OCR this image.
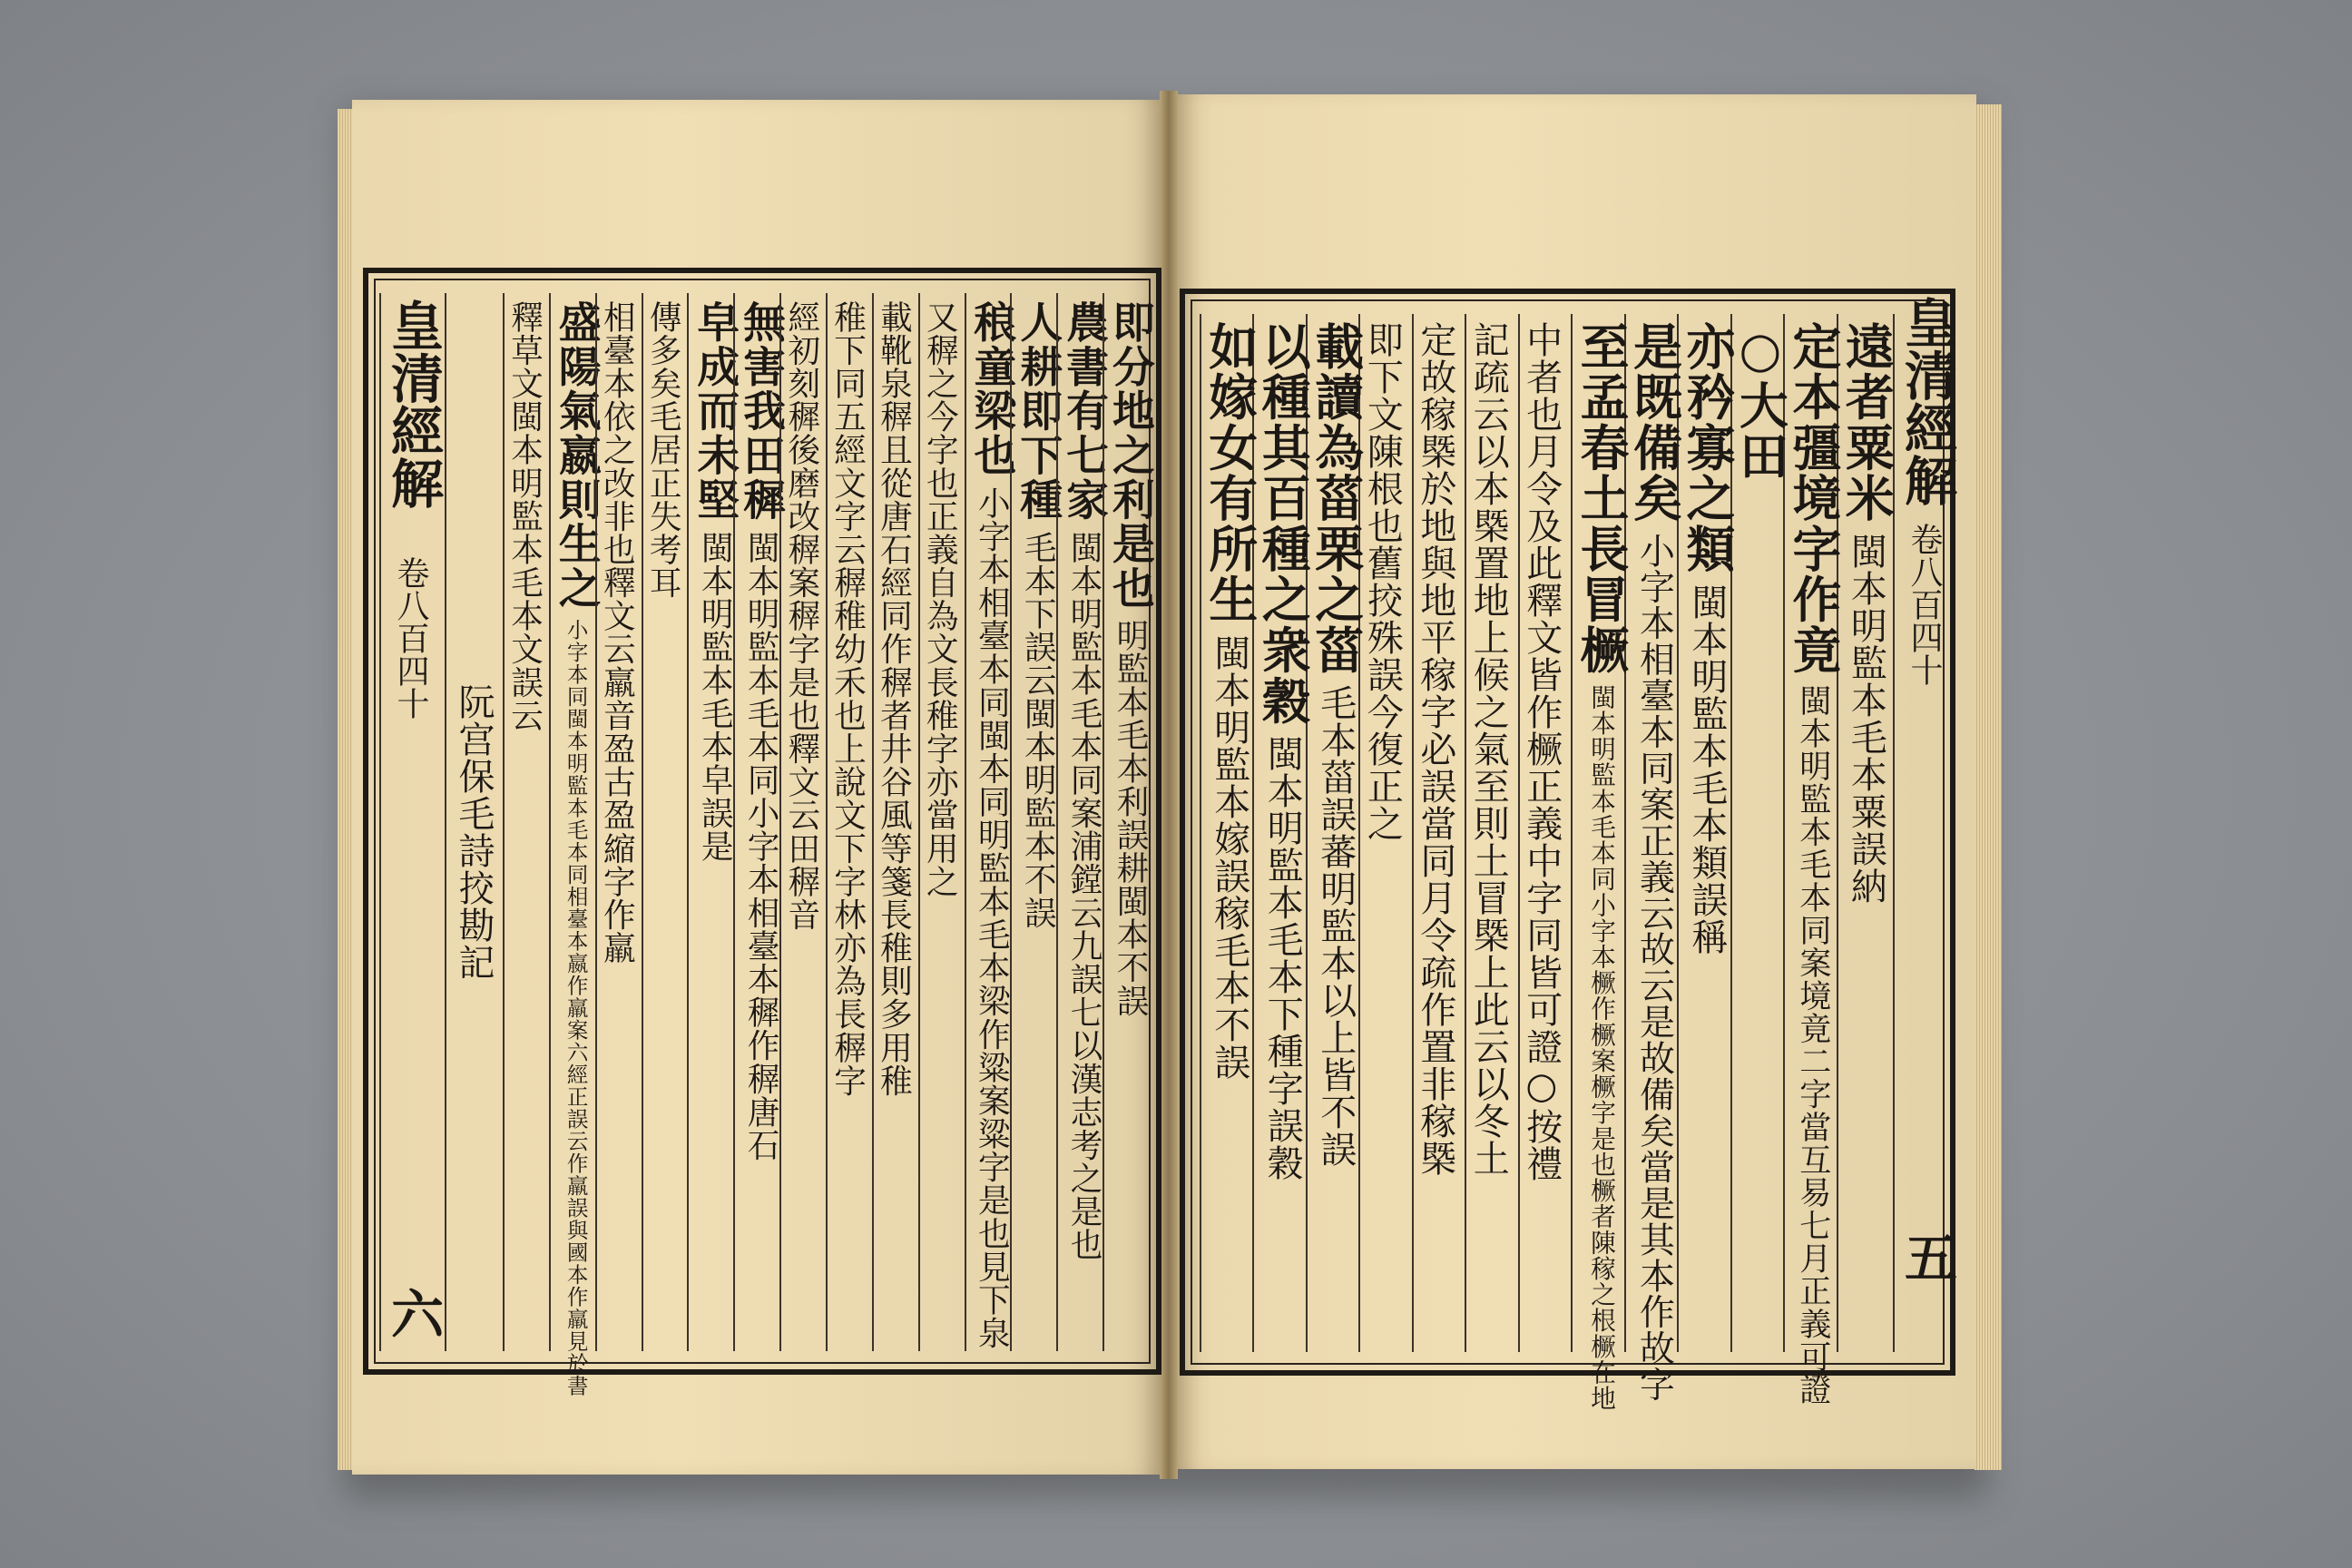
皇清經解
卷八百四十
六
阮宫保毛詩挍勘記
釋草文閩本明監本毛本文誤云 盛陽氣嬴則生之小字本同閩本明監本毛本同相臺本嬴作羸案六經正誤云作羸誤與國本作羸見於書 相臺本依之改非也釋文云羸音盈古盈縮字作羸 傳多矣毛居正失考耳 皁成而未堅閩本明監本毛本皁誤是
無害我田穉閩本明監本毛本同小字本相臺本穉作稺唐石 經初刻穉後磨改稺案稺字是也釋文云田稺音 稚下同五經文字云稺稚幼禾也上說文下字林亦為長稺字 載靴泉稺且從唐石經同作稺者井谷風等箋長稚則多用稚 又稺之今字也正義自為文長稚字亦當用之 稂童梁也小字本相臺本同閩本同明監本毛本梁作粱案粱字是也見下泉
人耕即下種毛本下誤云閩本明監本不誤
農書有七家閩本明監本毛本同案浦鏜云九誤七以漢志考之是也
即分地之利是也明監本毛本利誤耕閩本不誤
皇清經解
卷八百四十
五
遠者粟米閩本明監本毛本粟誤納
定本彊境字作竟閩本明監本毛本同案境竟二字當互易七月正義可證
○大田
亦矜寡之類閩本明監本毛本類誤稱
是既備矣小字本相臺本同案正義云故云是故備矣當是其本作故字
至孟春土長冒橛閩本明監本毛本同小字本橛作橛案橛字是也橛者陳稼之根橛在地
中者也月令及此釋文皆作橛正義中字同皆可證○按禮
記疏云以本槩置地上候之氣至則土冒槩上此云以冬土
定故稼槩於地與地平稼字必誤當同月令疏作置非稼槩
即下文陳根也舊挍殊誤今復正之
載讀為菑栗之菑毛本菑誤蕃明監本以上皆不誤
以種其百種之衆穀閩本明監本毛本下種字誤穀
如嫁女有所生閩本明監本嫁誤稼毛本不誤
